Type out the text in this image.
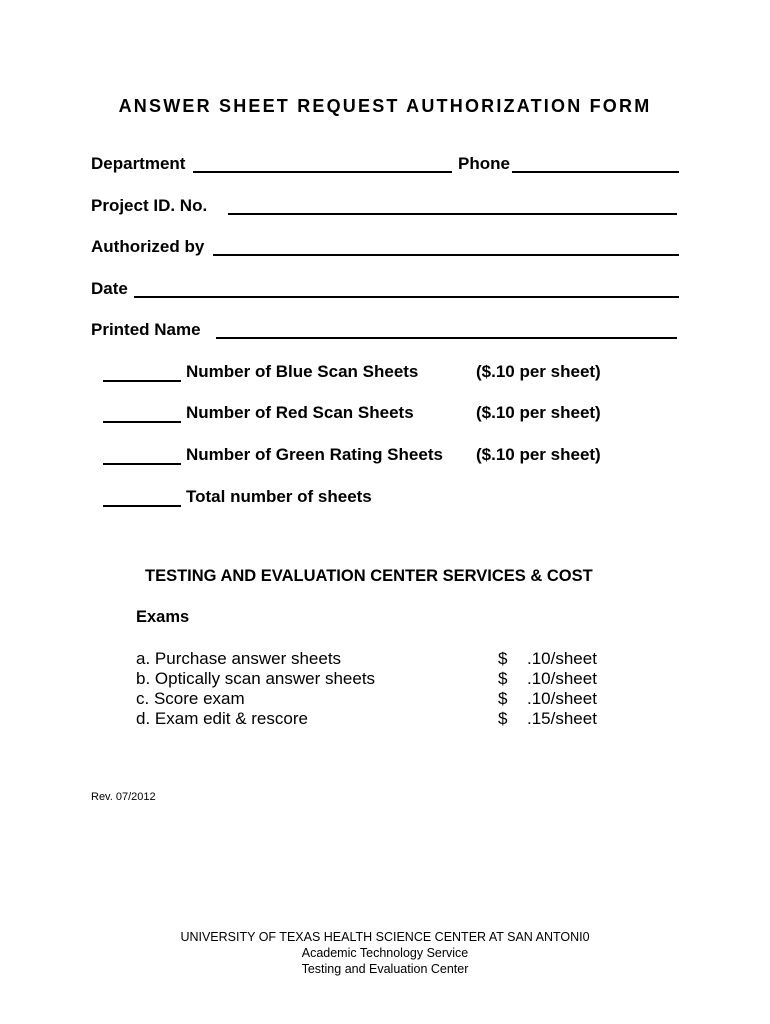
ANSWER SHEET REQUEST AUTHORIZATION FORM
Department	Phone
Project ID. No.
Authorized by
Date
Printed Name
Number of Blue Scan Sheets	($.10 per sheet)
Number of Red Scan Sheets	($.10 per sheet)
Number of Green Rating Sheets ($.10 per sheet)
Total number of sheets
TESTING AND EVALUATION CENTER SERVICES & COST
Exams
a. Purchase answer sheets	$ .10/sheet
b. Optically scan answer sheets	$ .10/sheet
c. Score exam	$ .10/sheet
d. Exam edit & rescore	$ .15/sheet
Rev. 07/2012
UNIVERSITY OF TEXAS HEALTH SCIENCE CENTER AT SAN ANTONI0
Academic Technology Service
Testing and Evaluation Center
